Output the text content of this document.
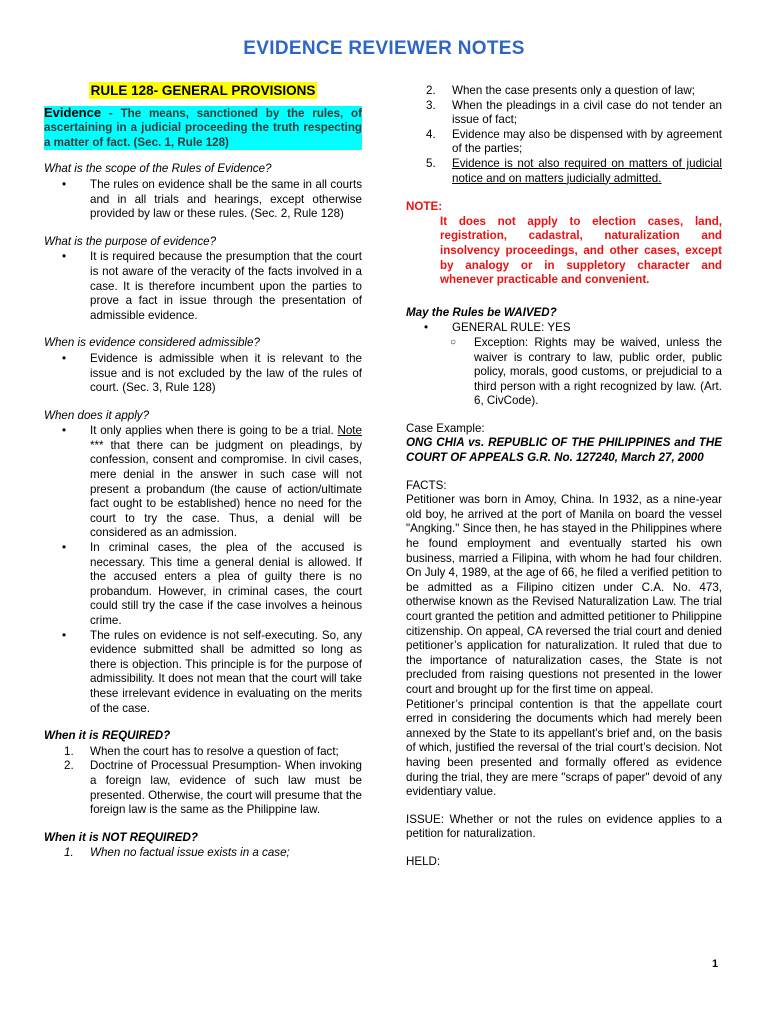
EVIDENCE REVIEWER NOTES
RULE 128- GENERAL PROVISIONS
Evidence - The means, sanctioned by the rules, of ascertaining in a judicial proceeding the truth respecting a matter of fact. (Sec. 1, Rule 128)
What is the scope of the Rules of Evidence?
• The rules on evidence shall be the same in all courts and in all trials and hearings, except otherwise provided by law or these rules. (Sec. 2, Rule 128)
What is the purpose of evidence?
• It is required because the presumption that the court is not aware of the veracity of the facts involved in a case. It is therefore incumbent upon the parties to prove a fact in issue through the presentation of admissible evidence.
When is evidence considered admissible?
• Evidence is admissible when it is relevant to the issue and is not excluded by the law of the rules of court. (Sec. 3, Rule 128)
When does it apply?
• It only applies when there is going to be a trial. Note *** that there can be judgment on pleadings, by confession, consent and compromise. In civil cases, mere denial in the answer in such case will not present a probandum (the cause of action/ultimate fact ought to be established) hence no need for the court to try the case. Thus, a denial will be considered as an admission.
• In criminal cases, the plea of the accused is necessary. This time a general denial is allowed. If the accused enters a plea of guilty there is no probandum. However, in criminal cases, the court could still try the case if the case involves a heinous crime.
• The rules on evidence is not self-executing. So, any evidence submitted shall be admitted so long as there is objection. This principle is for the purpose of admissibility. It does not mean that the court will take these irrelevant evidence in evaluating on the merits of the case.
When it is REQUIRED?
1. When the court has to resolve a question of fact;
2. Doctrine of Processual Presumption- When invoking a foreign law, evidence of such law must be presented. Otherwise, the court will presume that the foreign law is the same as the Philippine law.
When it is NOT REQUIRED?
1. When no factual issue exists in a case;
2. When the case presents only a question of law;
3. When the pleadings in a civil case do not tender an issue of fact;
4. Evidence may also be dispensed with by agreement of the parties;
5. Evidence is not also required on matters of judicial notice and on matters judicially admitted.
NOTE:
It does not apply to election cases, land, registration, cadastral, naturalization and insolvency proceedings, and other cases, except by analogy or in suppletory character and whenever practicable and convenient.
May the Rules be WAIVED?
• GENERAL RULE: YES
○ Exception: Rights may be waived, unless the waiver is contrary to law, public order, public policy, morals, good customs, or prejudicial to a third person with a right recognized by law. (Art. 6, CivCode).
Case Example:
ONG CHIA vs. REPUBLIC OF THE PHILIPPINES and THE COURT OF APPEALS G.R. No. 127240, March 27, 2000
FACTS:
Petitioner was born in Amoy, China. In 1932, as a nine-year old boy, he arrived at the port of Manila on board the vessel "Angking." Since then, he has stayed in the Philippines where he found employment and eventually started his own business, married a Filipina, with whom he had four children. On July 4, 1989, at the age of 66, he filed a verified petition to be admitted as a Filipino citizen under C.A. No. 473, otherwise known as the Revised Naturalization Law. The trial court granted the petition and admitted petitioner to Philippine citizenship. On appeal, CA reversed the trial court and denied petitioner’s application for naturalization. It ruled that due to the importance of naturalization cases, the State is not precluded from raising questions not presented in the lower court and brought up for the first time on appeal.
Petitioner’s principal contention is that the appellate court erred in considering the documents which had merely been annexed by the State to its appellant’s brief and, on the basis of which, justified the reversal of the trial court’s decision. Not having been presented and formally offered as evidence during the trial, they are mere "scraps of paper" devoid of any evidentiary value.
ISSUE: Whether or not the rules on evidence applies to a petition for naturalization.
HELD:
1
